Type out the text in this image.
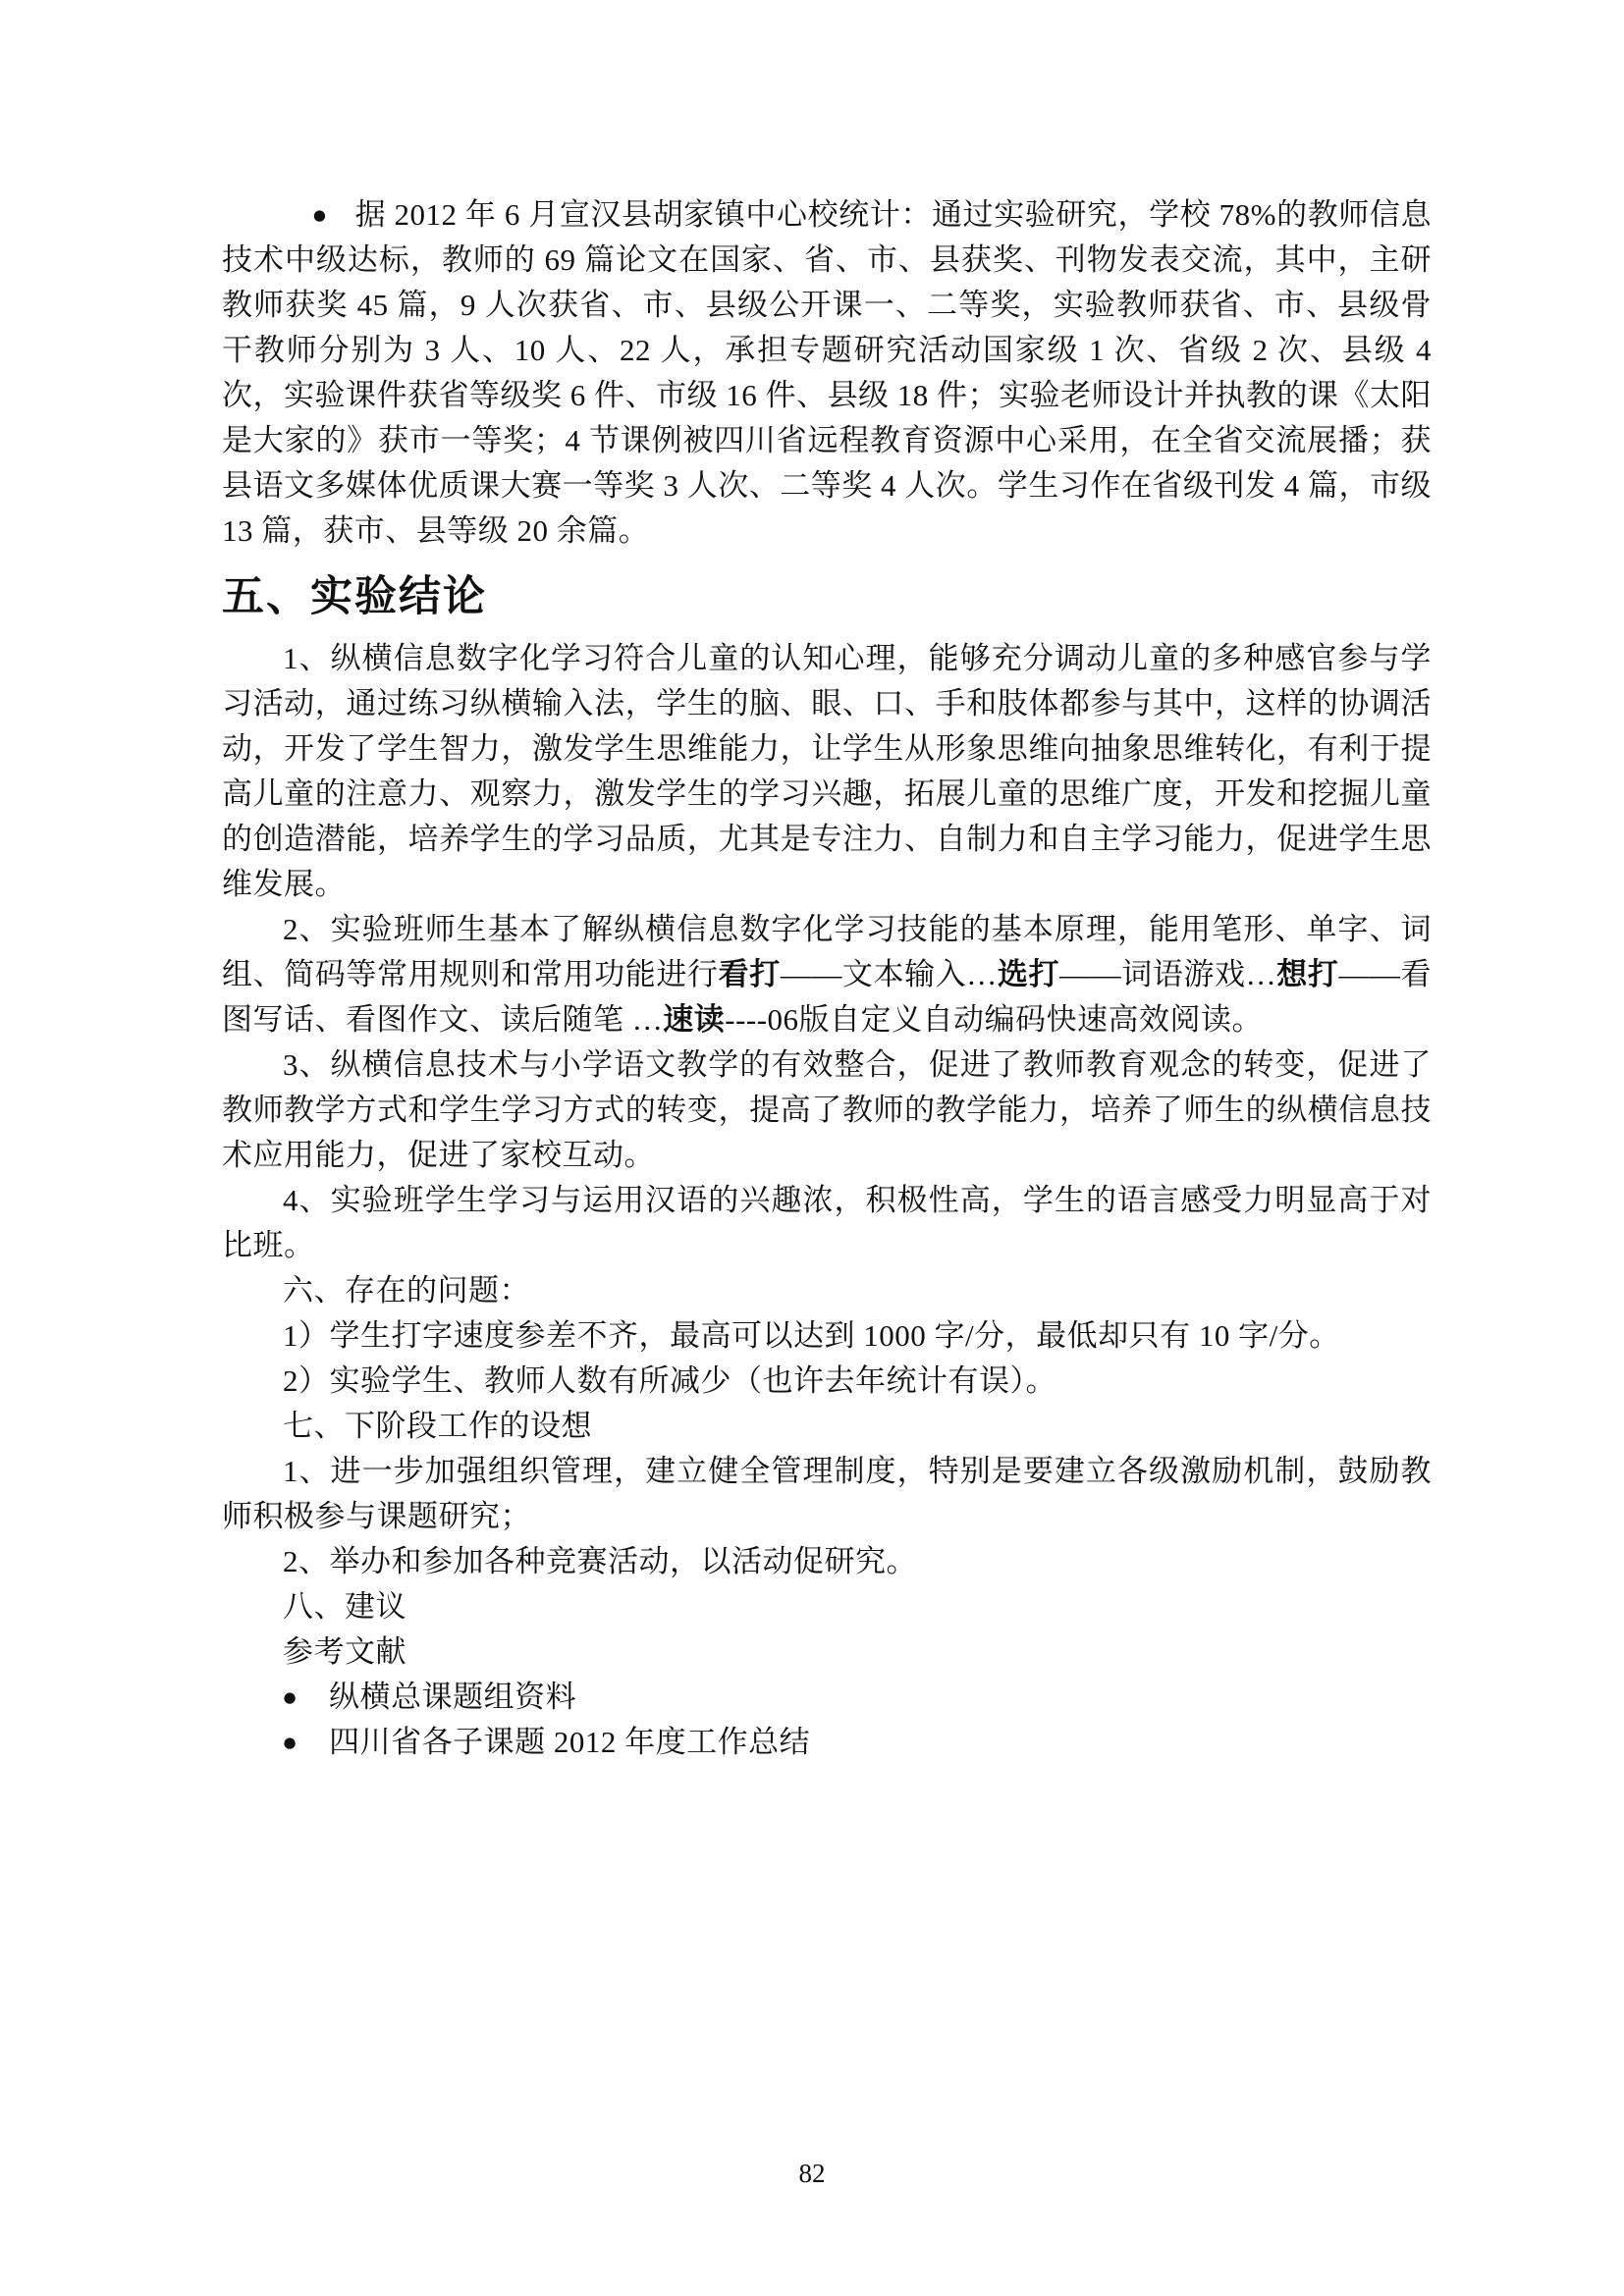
● 据 2012 年 6 月宣汉县胡家镇中心校统计：通过实验研究，学校 78%的教师信息技术中级达标，教师的 69 篇论文在国家、省、市、县获奖、刊物发表交流，其中，主研教师获奖 45 篇，9 人次获省、市、县级公开课一、二等奖，实验教师获省、市、县级骨干教师分别为 3 人、10 人、22 人，承担专题研究活动国家级 1 次、省级 2 次、县级 4 次，实验课件获省等级奖 6 件、市级 16 件、县级 18 件；实验老师设计并执教的课《太阳是大家的》获市一等奖；4 节课例被四川省远程教育资源中心采用，在全省交流展播；获县语文多媒体优质课大赛一等奖 3 人次、二等奖 4 人次。学生习作在省级刊发 4 篇，市级 13 篇，获市、县等级 20 余篇。

五、实验结论

1、纵横信息数字化学习符合儿童的认知心理，能够充分调动儿童的多种感官参与学习活动，通过练习纵横输入法，学生的脑、眼、口、手和肢体都参与其中，这样的协调活动，开发了学生智力，激发学生思维能力，让学生从形象思维向抽象思维转化，有利于提高儿童的注意力、观察力，激发学生的学习兴趣，拓展儿童的思维广度，开发和挖掘儿童的创造潜能，培养学生的学习品质，尤其是专注力、自制力和自主学习能力，促进学生思维发展。

2、实验班师生基本了解纵横信息数字化学习技能的基本原理，能用笔形、单字、词组、简码等常用规则和常用功能进行看打——文本输入…选打——词语游戏…想打——看图写话、看图作文、读后随笔 …速读----06版自定义自动编码快速高效阅读。

3、纵横信息技术与小学语文教学的有效整合，促进了教师教育观念的转变，促进了教师教学方式和学生学习方式的转变，提高了教师的教学能力，培养了师生的纵横信息技术应用能力，促进了家校互动。

4、实验班学生学习与运用汉语的兴趣浓，积极性高，学生的语言感受力明显高于对比班。

六、存在的问题：

1）学生打字速度参差不齐，最高可以达到 1000 字/分，最低却只有 10 字/分。

2）实验学生、教师人数有所减少（也许去年统计有误）。

七、下阶段工作的设想

1、进一步加强组织管理，建立健全管理制度，特别是要建立各级激励机制，鼓励教师积极参与课题研究；

2、举办和参加各种竞赛活动，以活动促研究。

八、建议

参考文献

● 纵横总课题组资料

● 四川省各子课题 2012 年度工作总结

82
